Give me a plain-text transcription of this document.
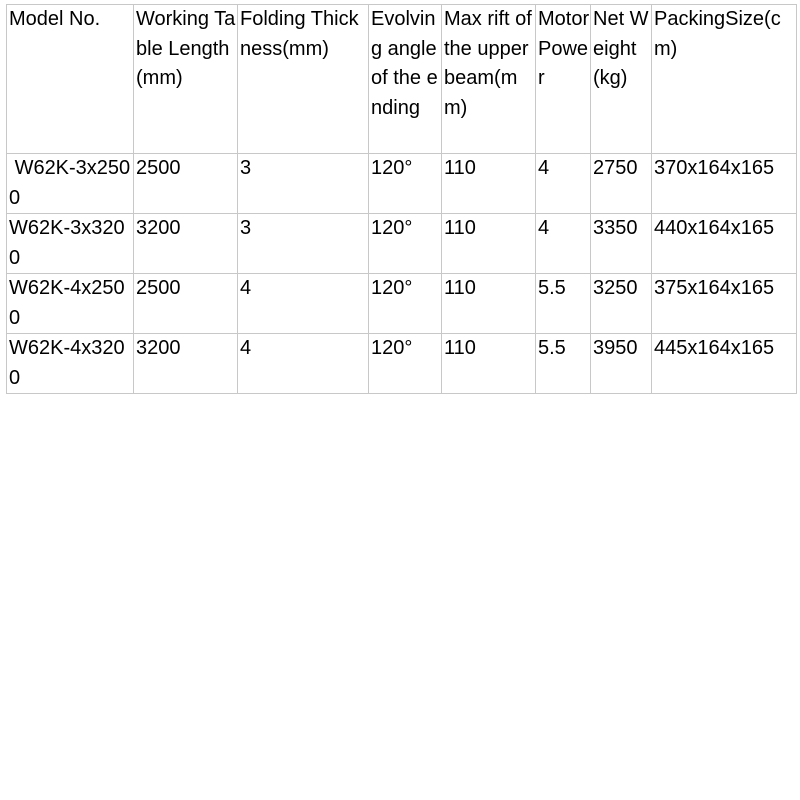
Model No.	Working Table Length(mm)	Folding Thickness(mm)	Evolving angle of the ending	Max rift of the upper beam(mm)	Motor Power	Net Weight (kg)	PackingSize(cm)
W62K-3x2500	2500	3	120°	110	4	2750	370x164x165
W62K-3x3200	3200	3	120°	110	4	3350	440x164x165
W62K-4x2500	2500	4	120°	110	5.5	3250	375x164x165
W62K-4x3200	3200	4	120°	110	5.5	3950	445x164x165
